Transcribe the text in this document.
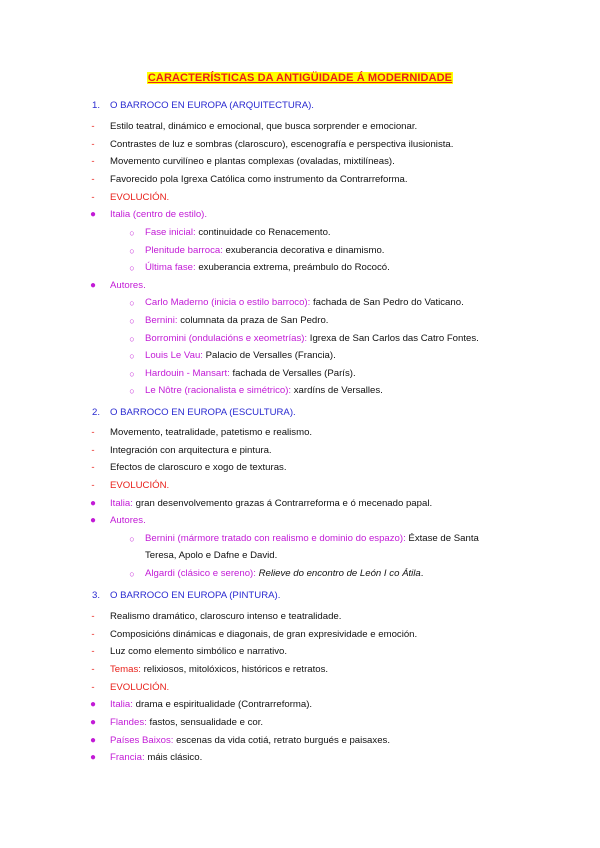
CARACTERÍSTICAS DA ANTIGÜIDADE Á MODERNIDADE
1. O BARROCO EN EUROPA (ARQUITECTURA).
-	Estilo teatral, dinámico e emocional, que busca sorprender e emocionar.
-	Contrastes de luz e sombras (claroscuro), escenografía e perspectiva ilusionista.
-	Movemento curvilíneo e plantas complexas (ovaladas, mixtilíneas).
-	Favorecido pola Igrexa Católica como instrumento da Contrarreforma.
-	EVOLUCIÓN.
●	Italia (centro de estilo).
○	Fase inicial: continuidade co Renacemento.
○	Plenitude barroca: exuberancia decorativa e dinamismo.
○	Última fase: exuberancia extrema, preámbulo do Rococó.
●	Autores.
○	Carlo Maderno (inicia o estilo barroco): fachada de San Pedro do Vaticano.
○	Bernini: columnata da praza de San Pedro.
○	Borromini (ondulacións e xeometrías): Igrexa de San Carlos das Catro Fontes.
○	Louis Le Vau: Palacio de Versalles (Francia).
○	Hardouin - Mansart: fachada de Versalles (París).
○	Le Nôtre (racionalista e simétrico): xardíns de Versalles.
2. O BARROCO EN EUROPA (ESCULTURA).
-	Movemento, teatralidade, patetismo e realismo.
-	Integración con arquitectura e pintura.
-	Efectos de claroscuro e xogo de texturas.
-	EVOLUCIÓN.
●	Italia: gran desenvolvemento grazas á Contrarreforma e ó mecenado papal.
●	Autores.
○	Bernini (mármore tratado con realismo e dominio do espazo): Éxtase de Santa
Teresa, Apolo e Dafne e David.
○	Algardi (clásico e sereno): Relieve do encontro de León I co Átila.
3. O BARROCO EN EUROPA (PINTURA).
-	Realismo dramático, claroscuro intenso e teatralidade.
-	Composicións dinámicas e diagonais, de gran expresividade e emoción.
-	Luz como elemento simbólico e narrativo.
-	Temas: relixiosos, mitolóxicos, históricos e retratos.
-	EVOLUCIÓN.
●	Italia: drama e espiritualidade (Contrarreforma).
●	Flandes: fastos, sensualidade e cor.
●	Países Baixos: escenas da vida cotiá, retrato burgués e paisaxes.
●	Francia: máis clásico.
